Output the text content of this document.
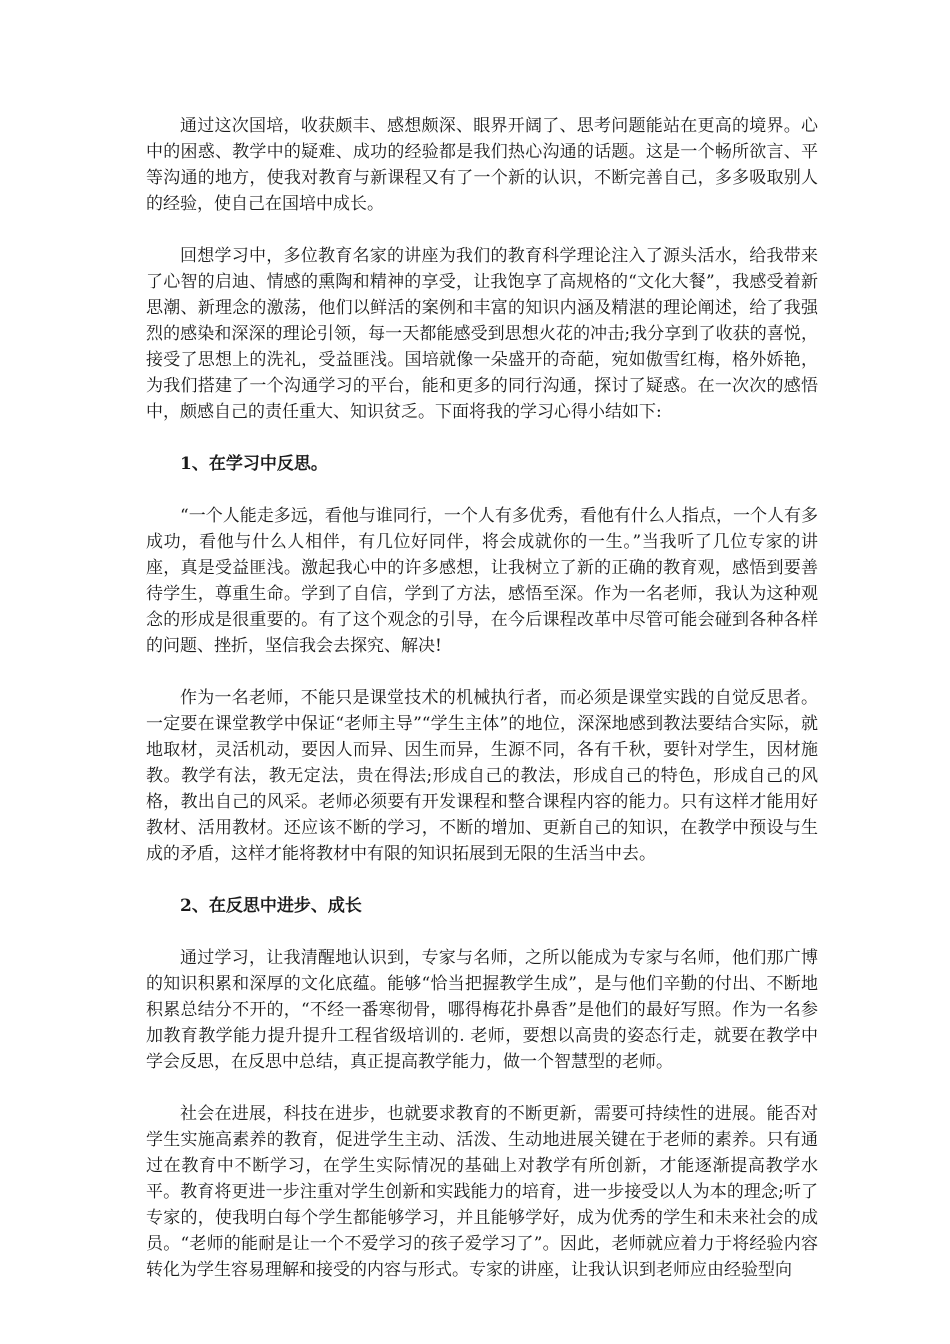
通过这次国培，收获颇丰、感想颇深、眼界开阔了、思考问题能站在更高的境界。心中的困惑、教学中的疑难、成功的经验都是我们热心沟通的话题。这是一个畅所欲言、平等沟通的地方，使我对教育与新课程又有了一个新的认识，不断完善自己，多多吸取别人的经验，使自己在国培中成长。

回想学习中，多位教育名家的讲座为我们的教育科学理论注入了源头活水，给我带来了心智的启迪、情感的熏陶和精神的享受，让我饱享了高规格的“文化大餐”，我感受着新思潮、新理念的激荡，他们以鲜活的案例和丰富的知识内涵及精湛的理论阐述，给了我强烈的感染和深深的理论引领，每一天都能感受到思想火花的冲击;我分享到了收获的喜悦，接受了思想上的洗礼，受益匪浅。国培就像一朵盛开的奇葩，宛如傲雪红梅，格外娇艳，为我们搭建了一个沟通学习的平台，能和更多的同行沟通，探讨了疑惑。在一次次的感悟中，颇感自己的责任重大、知识贫乏。下面将我的学习心得小结如下:

1、在学习中反思。

“一个人能走多远，看他与谁同行，一个人有多优秀，看他有什么人指点，一个人有多成功，看他与什么人相伴，有几位好同伴，将会成就你的一生。”当我听了几位专家的讲座，真是受益匪浅。激起我心中的许多感想，让我树立了新的正确的教育观，感悟到要善待学生，尊重生命。学到了自信，学到了方法，感悟至深。作为一名老师，我认为这种观念的形成是很重要的。有了这个观念的引导，在今后课程改革中尽管可能会碰到各种各样的问题、挫折，坚信我会去探究、解决!

作为一名老师，不能只是课堂技术的机械执行者，而必须是课堂实践的自觉反思者。一定要在课堂教学中保证“老师主导”“学生主体”的地位，深深地感到教法要结合实际，就地取材，灵活机动，要因人而异、因生而异，生源不同，各有千秋，要针对学生，因材施教。教学有法，教无定法，贵在得法;形成自己的教法，形成自己的特色，形成自己的风格，教出自己的风采。老师必须要有开发课程和整合课程内容的能力。只有这样才能用好教材、活用教材。还应该不断的学习，不断的增加、更新自己的知识，在教学中预设与生成的矛盾，这样才能将教材中有限的知识拓展到无限的生活当中去。

2、在反思中进步、成长

通过学习，让我清醒地认识到，专家与名师，之所以能成为专家与名师，他们那广博的知识积累和深厚的文化底蕴。能够“恰当把握教学生成”，是与他们辛勤的付出、不断地积累总结分不开的，“不经一番寒彻骨，哪得梅花扑鼻香”是他们的最好写照。作为一名参加教育教学能力提升提升工程省级培训的. 老师，要想以高贵的姿态行走，就要在教学中学会反思，在反思中总结，真正提高教学能力，做一个智慧型的老师。

社会在进展，科技在进步，也就要求教育的不断更新，需要可持续性的进展。能否对学生实施高素养的教育，促进学生主动、活泼、生动地进展关键在于老师的素养。只有通过在教育中不断学习，在学生实际情况的基础上对教学有所创新，才能逐渐提高教学水平。教育将更进一步注重对学生创新和实践能力的培育，进一步接受以人为本的理念;听了专家的，使我明白每个学生都能够学习，并且能够学好，成为优秀的学生和未来社会的成员。“老师的能耐是让一个不爱学习的孩子爱学习了”。因此，老师就应着力于将经验内容转化为学生容易理解和接受的内容与形式。专家的讲座，让我认识到老师应由经验型向
